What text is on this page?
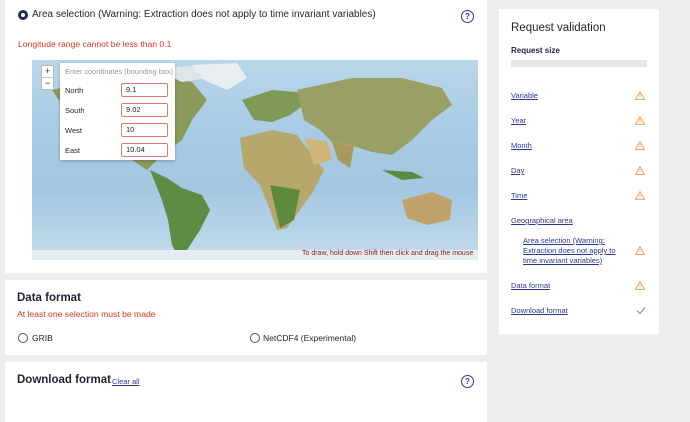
Area selection (Warning: Extraction does not apply to time invariant variables)	?
Longitude range cannot be less than 0.1
+
−
Enter coordinates (bounding box)
North	9.1
South	9.02
West	10
East	10.04
To draw, hold down Shift then click and drag the mouse
Data format
At least one selection must be made
GRIB	NetCDF4 (Experimental)
Download format Clear all	?
Request validation
Request size
Variable
Year
Month
Day
Time
Geographical area
Area selection (Warning: Extraction does not apply to time invariant variables)
Data format
Download format
